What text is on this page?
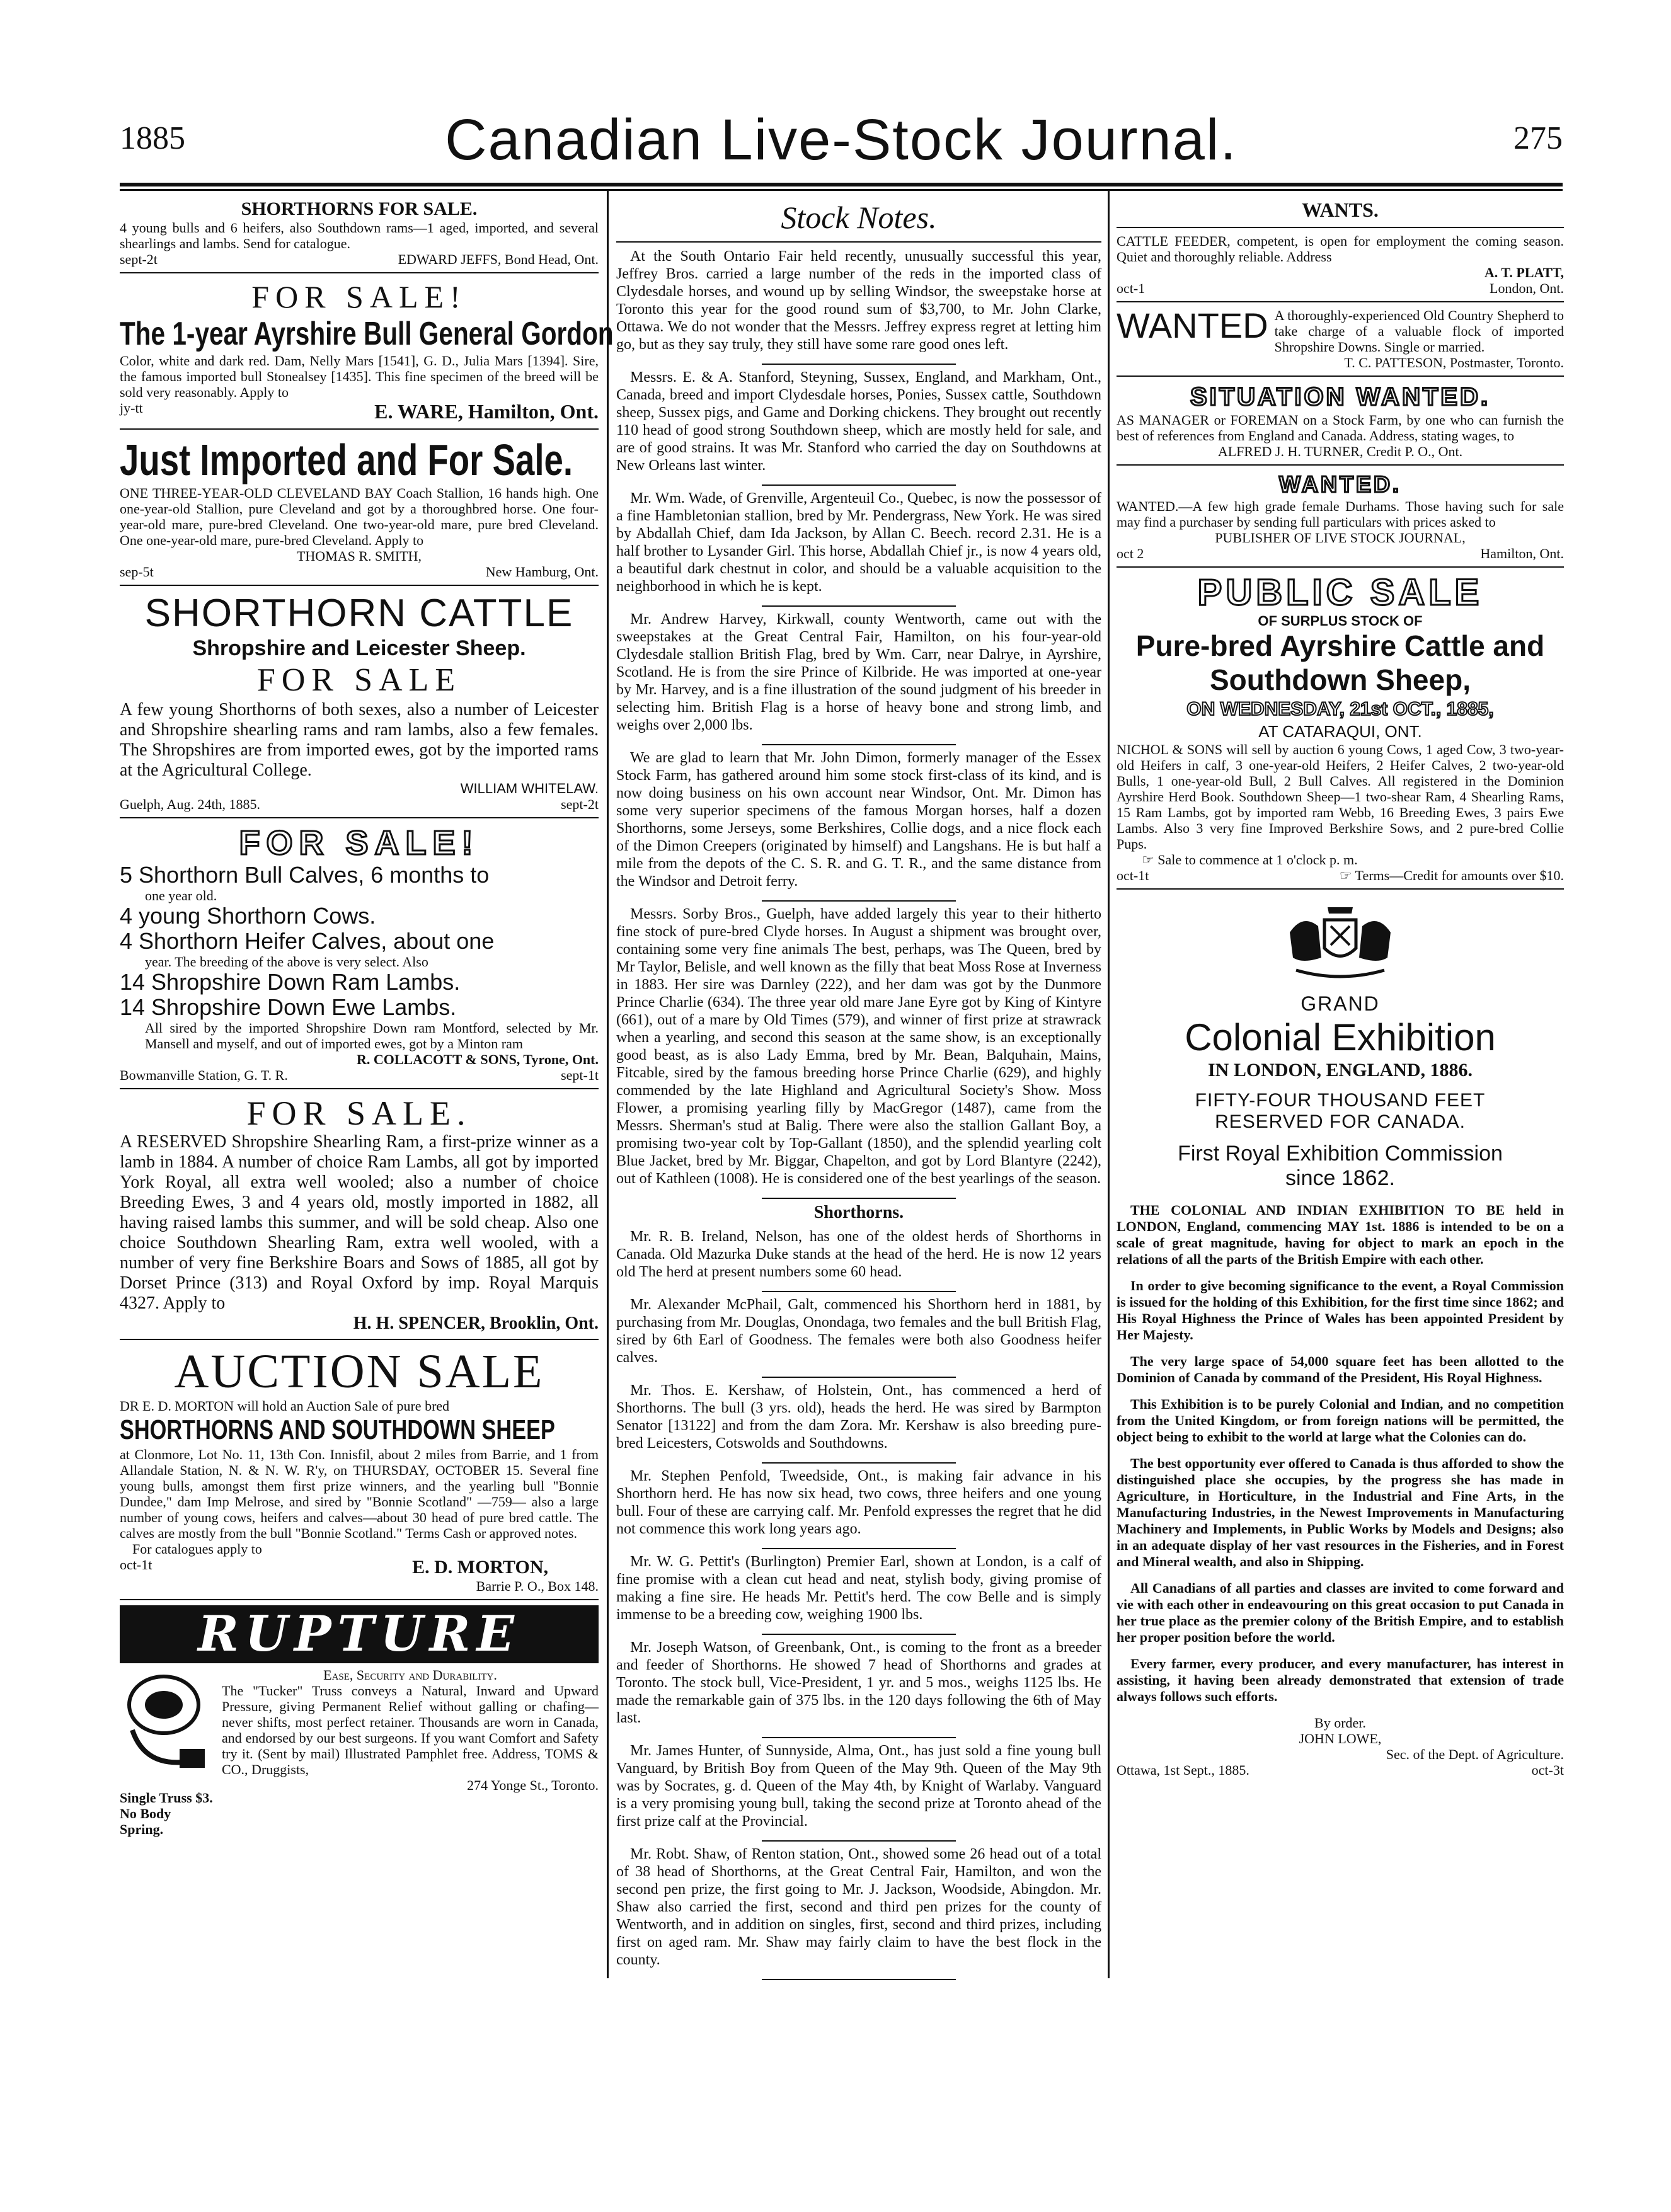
1885	Canadian Live-Stock Journal.	275
SHORTHORNS FOR SALE.

4 young bulls and 6 heifers, also Southdown rams—1 aged, imported, and several shearlings and lambs. Send for catalogue.

sept-2t	EDWARD JEFFS, Bond Head, Ont.
FOR SALE!
The 1-year Ayrshire Bull General Gordon

Color, white and dark red. Dam, Nelly Mars [1541], G. D., Julia Mars [1394]. Sire, the famous imported bull Stonealsey [1435]. This fine specimen of the breed will be sold very reasonably. Apply to

jy-tt	E. WARE, Hamilton, Ont.
Just Imported and For Sale.

ONE THREE-YEAR-OLD CLEVELAND BAY Coach Stallion, 16 hands high. One one-year-old Stallion, pure Cleveland and got by a thoroughbred horse. One four-year-old mare, pure-bred Cleveland. One two-year-old mare, pure bred Cleveland. One one-year-old mare, pure-bred Cleveland. Apply to

THOMAS R. SMITH,
sep-5t	New Hamburg, Ont.
SHORTHORN CATTLE
Shropshire and Leicester Sheep.
FOR SALE

A few young Shorthorns of both sexes, also a number of Leicester and Shropshire shearling rams and ram lambs, also a few females. The Shropshires are from imported ewes, got by the imported rams at the Agricultural College.

WILLIAM WHITELAW.
Guelph, Aug. 24th, 1885.	sept-2t
FOR SALE!
5 Shorthorn Bull Calves, 6 months to
one year old.
4 young Shorthorn Cows.
4 Shorthorn Heifer Calves, about one
year. The breeding of the above is very select. Also
14 Shropshire Down Ram Lambs.
14 Shropshire Down Ewe Lambs.

All sired by the imported Shropshire Down ram Montford, selected by Mr. Mansell and myself, and out of imported ewes, got by a Minton ram

R. COLLACOTT & SONS, Tyrone, Ont.
Bowmanville Station, G. T. R.	sept-1t
FOR SALE.

A RESERVED Shropshire Shearling Ram, a first-prize winner as a lamb in 1884. A number of choice Ram Lambs, all got by imported York Royal, all extra well wooled; also a number of choice Breeding Ewes, 3 and 4 years old, mostly imported in 1882, all having raised lambs this summer, and will be sold cheap. Also one choice Southdown Shearling Ram, extra well wooled, with a number of very fine Berkshire Boars and Sows of 1885, all got by Dorset Prince (313) and Royal Oxford by imp. Royal Marquis 4327. Apply to

H. H. SPENCER, Brooklin, Ont.
AUCTION SALE
DR E. D. MORTON will hold an Auction Sale of pure bred
SHORTHORNS AND SOUTHDOWN SHEEP

at Clonmore, Lot No. 11, 13th Con. Innisfil, about 2 miles from Barrie, and 1 from Allandale Station, N. & N. W. R'y, on THURSDAY, OCTOBER 15. Several fine young bulls, amongst them first prize winners, and the yearling bull "Bonnie Dundee," dam Imp Melrose, and sired by "Bonnie Scotland" —759— also a large number of young cows, heifers and calves—about 30 head of pure bred cattle. The calves are mostly from the bull "Bonnie Scotland." Terms Cash or approved notes.

For catalogues apply to
oct-1t	E. D. MORTON,
Barrie P. O., Box 148.
RUPTURE
Single Truss $3.
No Body Spring.
Ease, Security and Durability.

The "Tucker" Truss conveys a Natural, Inward and Upward Pressure, giving Permanent Relief without galling or chafing—never shifts, most perfect retainer. Thousands are worn in Canada, and endorsed by our best surgeons. If you want Comfort and Safety try it. (Sent by mail) Illustrated Pamphlet free. Address, TOMS & CO., Druggists,

274 Yonge St., Toronto.
Stock Notes.

At the South Ontario Fair held recently, unusually successful this year, Jeffrey Bros. carried a large number of the reds in the imported class of Clydesdale horses, and wound up by selling Windsor, the sweepstake horse at Toronto this year for the good round sum of $3,700, to Mr. John Clarke, Ottawa. We do not wonder that the Messrs. Jeffrey express regret at letting him go, but as they say truly, they still have some rare good ones left.

Messrs. E. & A. Stanford, Steyning, Sussex, England, and Markham, Ont., Canada, breed and import Clydesdale horses, Ponies, Sussex cattle, Southdown sheep, Sussex pigs, and Game and Dorking chickens. They brought out recently 110 head of good strong Southdown sheep, which are mostly held for sale, and are of good strains. It was Mr. Stanford who carried the day on Southdowns at New Orleans last winter.

Mr. Wm. Wade, of Grenville, Argenteuil Co., Quebec, is now the possessor of a fine Hambletonian stallion, bred by Mr. Pendergrass, New York. He was sired by Abdallah Chief, dam Ida Jackson, by Allan C. Beech. record 2.31. He is a half brother to Lysander Girl. This horse, Abdallah Chief jr., is now 4 years old, a beautiful dark chestnut in color, and should be a valuable acquisition to the neighborhood in which he is kept.

Mr. Andrew Harvey, Kirkwall, county Wentworth, came out with the sweepstakes at the Great Central Fair, Hamilton, on his four-year-old Clydesdale stallion British Flag, bred by Wm. Carr, near Dalrye, in Ayrshire, Scotland. He is from the sire Prince of Kilbride. He was imported at one-year by Mr. Harvey, and is a fine illustration of the sound judgment of his breeder in selecting him. British Flag is a horse of heavy bone and strong limb, and weighs over 2,000 lbs.

We are glad to learn that Mr. John Dimon, formerly manager of the Essex Stock Farm, has gathered around him some stock first-class of its kind, and is now doing business on his own account near Windsor, Ont. Mr. Dimon has some very superior specimens of the famous Morgan horses, half a dozen Shorthorns, some Jerseys, some Berkshires, Collie dogs, and a nice flock each of the Dimon Creepers (originated by himself) and Langshans. He is but half a mile from the depots of the C. S. R. and G. T. R., and the same distance from the Windsor and Detroit ferry.

Messrs. Sorby Bros., Guelph, have added largely this year to their hitherto fine stock of pure-bred Clyde horses. In August a shipment was brought over, containing some very fine animals The best, perhaps, was The Queen, bred by Mr Taylor, Belisle, and well known as the filly that beat Moss Rose at Inverness in 1883. Her sire was Darnley (222), and her dam was got by the Dunmore Prince Charlie (634). The three year old mare Jane Eyre got by King of Kintyre (661), out of a mare by Old Times (579), and winner of first prize at strawrack when a yearling, and second this season at the same show, is an exceptionally good beast, as is also Lady Emma, bred by Mr. Bean, Balquhain, Mains, Fitcable, sired by the famous breeding horse Prince Charlie (629), and highly commended by the late Highland and Agricultural Society's Show. Moss Flower, a promising yearling filly by MacGregor (1487), came from the Messrs. Sherman's stud at Balig. There were also the stallion Gallant Boy, a promising two-year colt by Top-Gallant (1850), and the splendid yearling colt Blue Jacket, bred by Mr. Biggar, Chapelton, and got by Lord Blantyre (2242), out of Kathleen (1008). He is considered one of the best yearlings of the season.

Shorthorns.

Mr. R. B. Ireland, Nelson, has one of the oldest herds of Shorthorns in Canada. Old Mazurka Duke stands at the head of the herd. He is now 12 years old The herd at present numbers some 60 head.

Mr. Alexander McPhail, Galt, commenced his Shorthorn herd in 1881, by purchasing from Mr. Douglas, Onondaga, two females and the bull British Flag, sired by 6th Earl of Goodness. The females were both also Goodness heifer calves.

Mr. Thos. E. Kershaw, of Holstein, Ont., has commenced a herd of Shorthorns. The bull (3 yrs. old), heads the herd. He was sired by Barmpton Senator [13122] and from the dam Zora. Mr. Kershaw is also breeding pure-bred Leicesters, Cotswolds and Southdowns.

Mr. Stephen Penfold, Tweedside, Ont., is making fair advance in his Shorthorn herd. He has now six head, two cows, three heifers and one young bull. Four of these are carrying calf. Mr. Penfold expresses the regret that he did not commence this work long years ago.

Mr. W. G. Pettit's (Burlington) Premier Earl, shown at London, is a calf of fine promise with a clean cut head and neat, stylish body, giving promise of making a fine sire. He heads Mr. Pettit's herd. The cow Belle and is simply immense to be a breeding cow, weighing 1900 lbs.

Mr. Joseph Watson, of Greenbank, Ont., is coming to the front as a breeder and feeder of Shorthorns. He showed 7 head of Shorthorns and grades at Toronto. The stock bull, Vice-President, 1 yr. and 5 mos., weighs 1125 lbs. He made the remarkable gain of 375 lbs. in the 120 days following the 6th of May last.

Mr. James Hunter, of Sunnyside, Alma, Ont., has just sold a fine young bull Vanguard, by British Boy from Queen of the May 9th. Queen of the May 9th was by Socrates, g. d. Queen of the May 4th, by Knight of Warlaby. Vanguard is a very promising young bull, taking the second prize at Toronto ahead of the first prize calf at the Provincial.

Mr. Robt. Shaw, of Renton station, Ont., showed some 26 head out of a total of 38 head of Shorthorns, at the Great Central Fair, Hamilton, and won the second pen prize, the first going to Mr. J. Jackson, Woodside, Abingdon. Mr. Shaw also carried the first, second and third pen prizes for the county of Wentworth, and in addition on singles, first, second and third prizes, including first on aged ram. Mr. Shaw may fairly claim to have the best flock in the county.

WANTS.

CATTLE FEEDER, competent, is open for employment the coming season. Quiet and thoroughly reliable. Address

A. T. PLATT,
oct-1	London, Ont.
WANTED A thoroughly-experienced Old Country Shepherd to take charge of a valuable flock of imported Shropshire Downs. Single or married.

T. C. PATTESON, Postmaster, Toronto.
SITUATION WANTED.

AS MANAGER or FOREMAN on a Stock Farm, by one who can furnish the best of references from England and Canada. Address, stating wages, to

ALFRED J. H. TURNER, Credit P. O., Ont.
WANTED.

WANTED.—A few high grade female Durhams. Those having such for sale may find a purchaser by sending full particulars with prices asked to

PUBLISHER OF LIVE STOCK JOURNAL,
oct 2	Hamilton, Ont.
PUBLIC SALE
OF SURPLUS STOCK OF
Pure-bred Ayrshire Cattle and Southdown Sheep,
ON WEDNESDAY, 21st OCT., 1885,
AT CATARAQUI, ONT.

NICHOL & SONS will sell by auction 6 young Cows, 1 aged Cow, 3 two-year-old Heifers in calf, 3 one-year-old Heifers, 2 Heifer Calves, 2 two-year-old Bulls, 1 one-year-old Bull, 2 Bull Calves. All registered in the Dominion Ayrshire Herd Book. Southdown Sheep—1 two-shear Ram, 4 Shearling Rams, 15 Ram Lambs, got by imported ram Webb, 16 Breeding Ewes, 3 pairs Ewe Lambs. Also 3 very fine Improved Berkshire Sows, and 2 pure-bred Collie Pups.

☞ Sale to commence at 1 o'clock p. m.
oct-1t	☞ Terms—Credit for amounts over $10.
GRAND
Colonial Exhibition
IN LONDON, ENGLAND, 1886.
FIFTY-FOUR THOUSAND FEET
RESERVED FOR CANADA.
First Royal Exhibition Commission
since 1862.

THE COLONIAL AND INDIAN EXHIBITION TO BE held in LONDON, England, commencing MAY 1st. 1886 is intended to be on a scale of great magnitude, having for object to mark an epoch in the relations of all the parts of the British Empire with each other.

In order to give becoming significance to the event, a Royal Commission is issued for the holding of this Exhibition, for the first time since 1862; and His Royal Highness the Prince of Wales has been appointed President by Her Majesty.

The very large space of 54,000 square feet has been allotted to the Dominion of Canada by command of the President, His Royal Highness.

This Exhibition is to be purely Colonial and Indian, and no competition from the United Kingdom, or from foreign nations will be permitted, the object being to exhibit to the world at large what the Colonies can do.

The best opportunity ever offered to Canada is thus afforded to show the distinguished place she occupies, by the progress she has made in Agriculture, in Horticulture, in the Industrial and Fine Arts, in the Manufacturing Industries, in the Newest Improvements in Manufacturing Machinery and Implements, in Public Works by Models and Designs; also in an adequate display of her vast resources in the Fisheries, and in Forest and Mineral wealth, and also in Shipping.

All Canadians of all parties and classes are invited to come forward and vie with each other in endeavouring on this great occasion to put Canada in her true place as the premier colony of the British Empire, and to establish her proper position before the world.

Every farmer, every producer, and every manufacturer, has interest in assisting, it having been already demonstrated that extension of trade always follows such efforts.

By order.
JOHN LOWE,
Sec. of the Dept. of Agriculture.
Ottawa, 1st Sept., 1885.	oct-3t
